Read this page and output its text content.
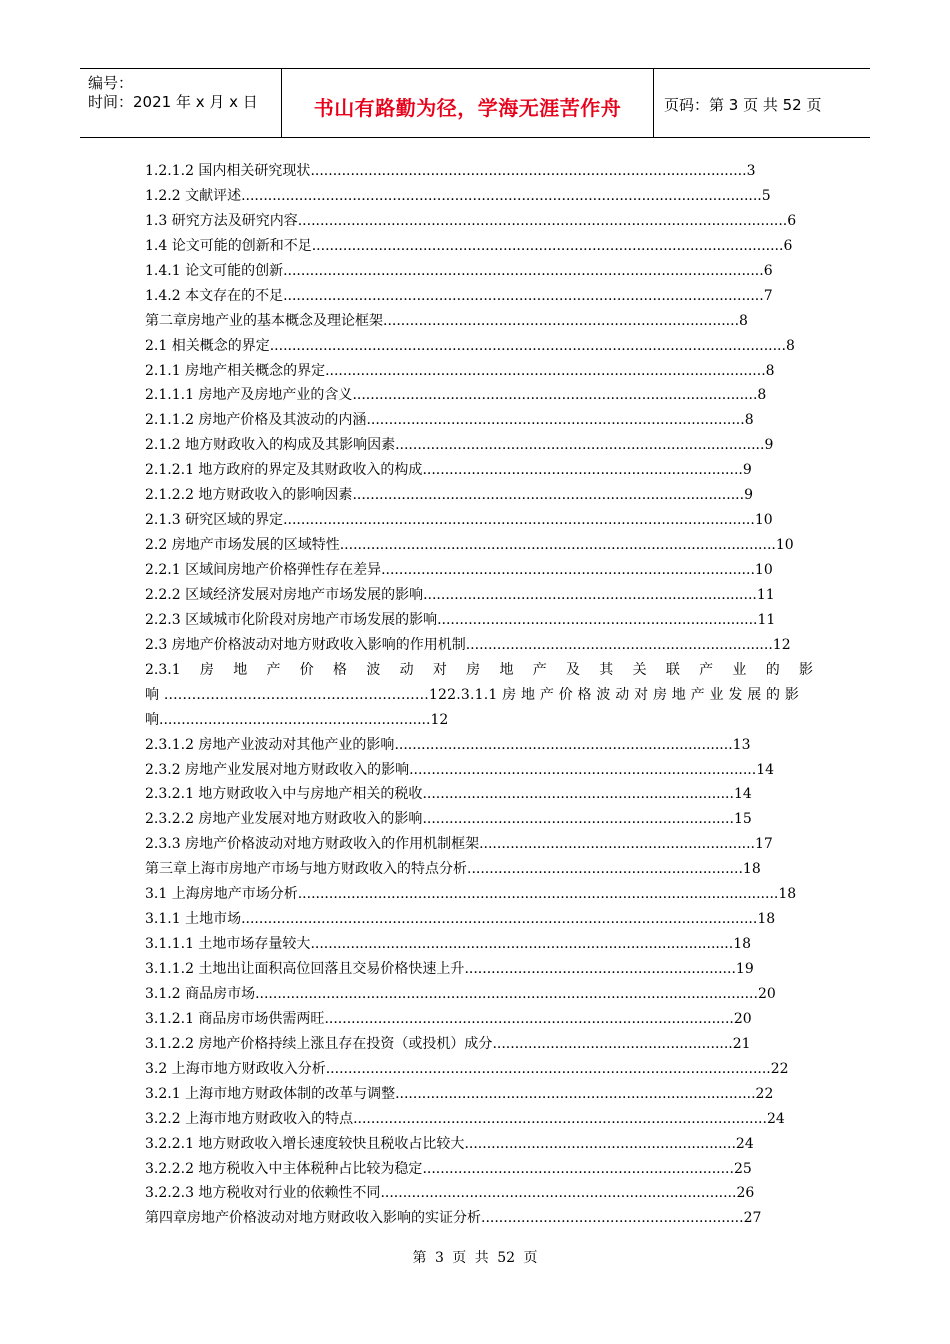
编号：
时间：2021 年 x 月 x 日	书山有路勤为径，学海无涯苦作舟	页码：第 3 页 共 52 页
1.2.1.2 国内相关研究现状..................................................................................................3
1.2.2 文献评述.....................................................................................................................5
1.3 研究方法及研究内容..............................................................................................................6
1.4 论文可能的创新和不足..........................................................................................................6
1.4.1 论文可能的创新............................................................................................................6
1.4.2 本文存在的不足............................................................................................................7
第二章房地产业的基本概念及理论框架................................................................................8
2.1 相关概念的界定....................................................................................................................8
2.1.1 房地产相关概念的界定...................................................................................................8
2.1.1.1 房地产及房地产业的含义...........................................................................................8
2.1.1.2 房地产价格及其波动的内涵.....................................................................................8
2.1.2 地方财政收入的构成及其影响因素...................................................................................9
2.1.2.1 地方政府的界定及其财政收入的构成........................................................................9
2.1.2.2 地方财政收入的影响因素........................................................................................9
2.1.3 研究区域的界定..........................................................................................................10
2.2 房地产市场发展的区域特性..................................................................................................10
2.2.1 区域间房地产价格弹性存在差异....................................................................................10
2.2.2 区域经济发展对房地产市场发展的影响...........................................................................11
2.2.3 区域城市化阶段对房地产市场发展的影响........................................................................11
2.3 房地产价格波动对地方财政收入影响的作用机制.....................................................................12
2.3.1 房 地 产 价 格 波 动 对 房 地 产 及 其 关 联 产 业 的 影
响 .........................................................122.3.1.1 房 地 产 价 格 波 动 对 房 地 产 业 发 展 的 影
响.............................................................12
2.3.1.2 房地产业波动对其他产业的影响............................................................................13
2.3.2 房地产业发展对地方财政收入的影响..............................................................................14
2.3.2.1 地方财政收入中与房地产相关的税收......................................................................14
2.3.2.2 房地产业发展对地方财政收入的影响......................................................................15
2.3.3 房地产价格波动对地方财政收入的作用机制框架..............................................................17
第三章上海市房地产市场与地方财政收入的特点分析..............................................................18
3.1 上海房地产市场分析............................................................................................................18
3.1.1 土地市场....................................................................................................................18
3.1.1.1 土地市场存量较大...............................................................................................18
3.1.1.2 土地出让面积高位回落且交易价格快速上升.............................................................19
3.1.2 商品房市场.................................................................................................................20
3.1.2.1 商品房市场供需两旺............................................................................................20
3.1.2.2 房地产价格持续上涨且存在投资（或投机）成分......................................................21
3.2 上海市地方财政收入分析....................................................................................................22
3.2.1 上海市地方财政体制的改革与调整.................................................................................22
3.2.2 上海市地方财政收入的特点.............................................................................................24
3.2.2.1 地方财政收入增长速度较快且税收占比较大.............................................................24
3.2.2.2 地方税收入中主体税种占比较为稳定......................................................................25
3.2.2.3 地方税收对行业的依赖性不同................................................................................26
第四章房地产价格波动对地方财政收入影响的实证分析...........................................................27
第 3 页 共 52 页
